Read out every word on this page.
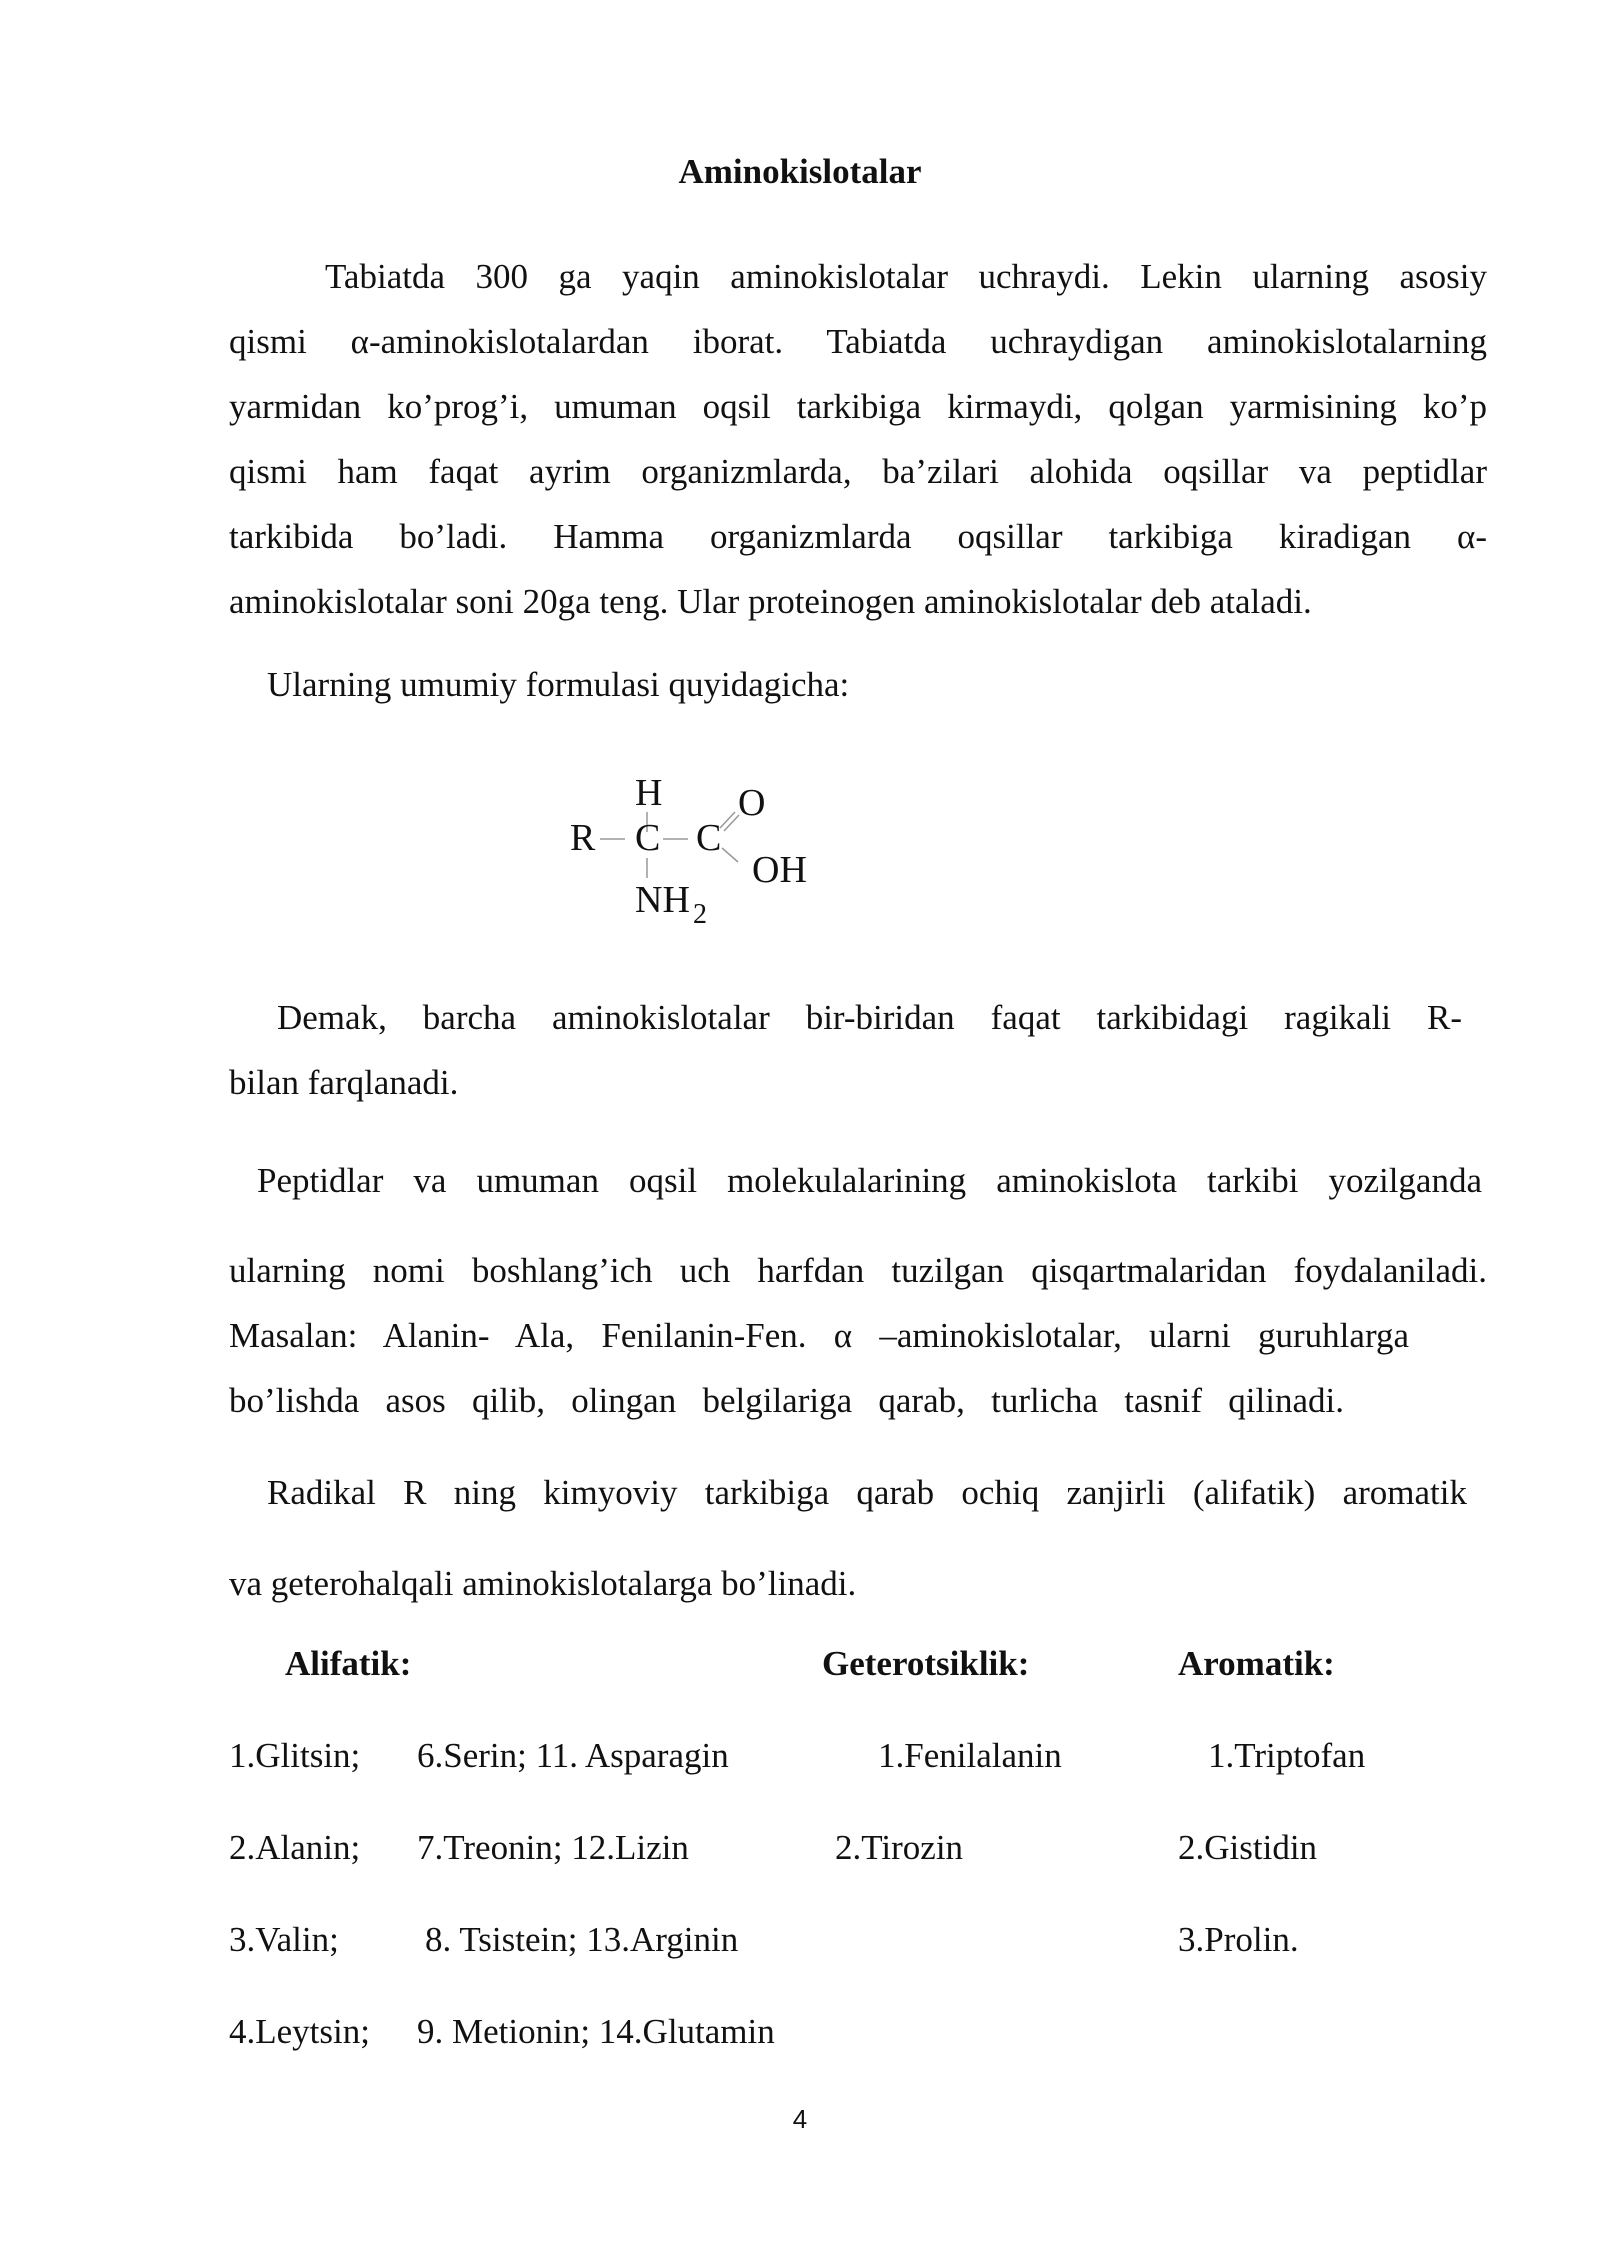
Aminokislotalar
Tabiatda 300 ga yaqin aminokislotalar uchraydi. Lekin ularning asosiy
qismi α-aminokislotalardan iborat. Tabiatda uchraydigan aminokislotalarning
yarmidan ko’prog’i, umuman oqsil tarkibiga kirmaydi, qolgan yarmisining ko’p
qismi ham faqat ayrim organizmlarda, ba’zilari alohida oqsillar va peptidlar
tarkibida bo’ladi. Hamma organizmlarda oqsillar tarkibiga kiradigan α-
aminokislotalar soni 20ga teng. Ular proteinogen aminokislotalar deb ataladi.
Ularning umumiy formulasi quyidagicha:
H
R C C
O
OH
NH 2
Demak, barcha aminokislotalar bir-biridan faqat tarkibidagi ragikali R-
bilan farqlanadi.
Peptidlar va umuman oqsil molekulalarining aminokislota tarkibi yozilganda
ularning nomi boshlang’ich uch harfdan tuzilgan qisqartmalaridan foydalaniladi.
Masalan: Alanin- Ala, Fenilanin-Fen. α –aminokislotalar, ularni guruhlarga
bo’lishda asos qilib, olingan belgilariga qarab, turlicha tasnif qilinadi.
Radikal R ning kimyoviy tarkibiga qarab ochiq zanjirli (alifatik) aromatik
va geterohalqali aminokislotalarga bo’linadi.
Alifatik:	Geterotsiklik:	Aromatik:
1.Glitsin;
2.Alanin;
3.Valin;
4.Leytsin;
6.Serin; 11. Asparagin
7.Treonin; 12.Lizin
8. Tsistein; 13.Arginin
9. Metionin; 14.Glutamin
1.Fenilalanin
2.Tirozin
1.Triptofan
2.Gistidin
3.Prolin.
4
